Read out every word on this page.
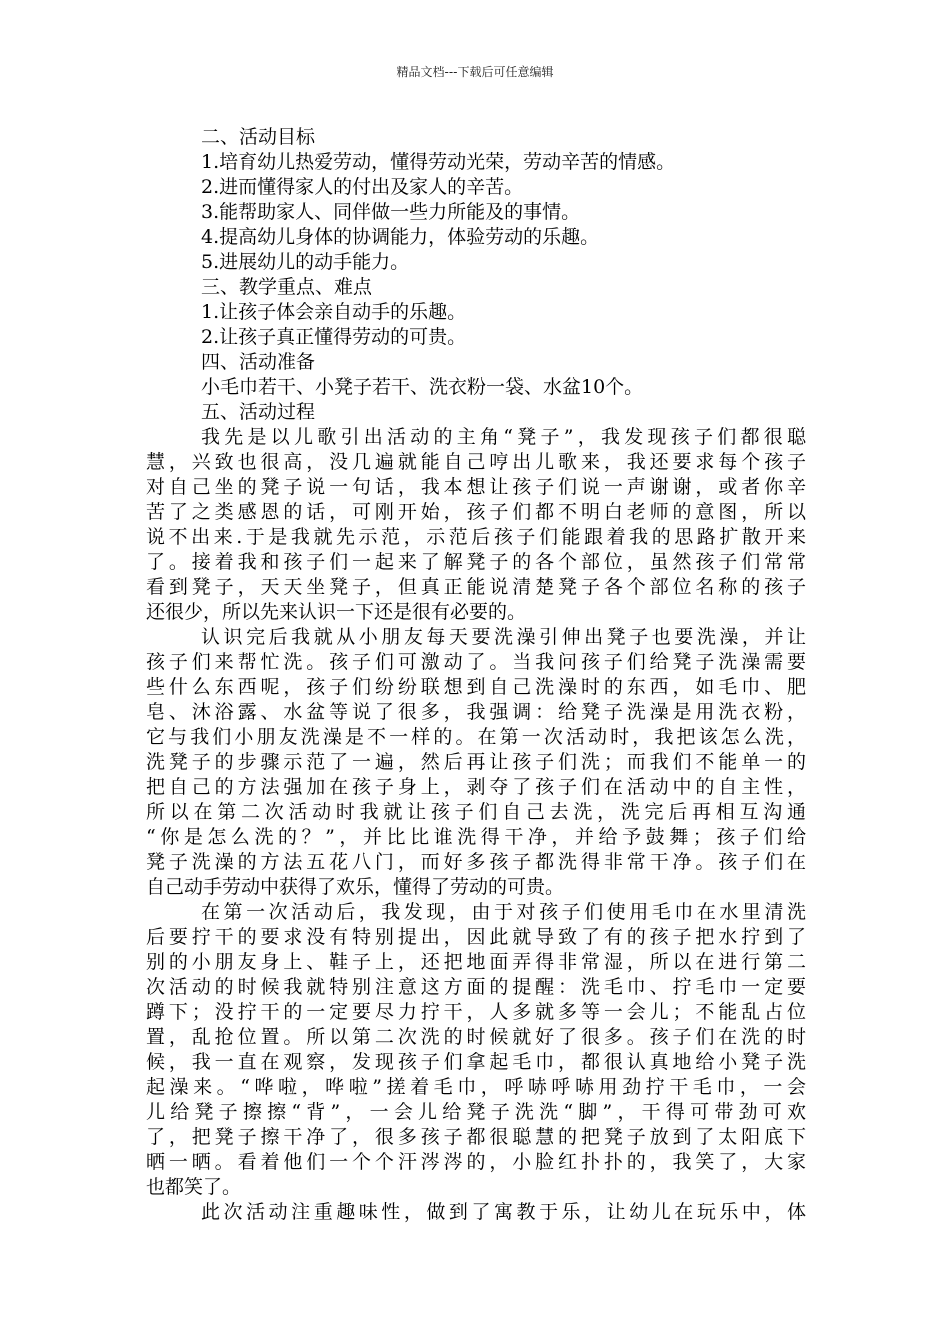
精品文档---下载后可任意编辑
二、活动目标
1.培育幼儿热爱劳动，懂得劳动光荣，劳动辛苦的情感。
2.进而懂得家人的付出及家人的辛苦。
3.能帮助家人、同伴做一些力所能及的事情。
4.提高幼儿身体的协调能力，体验劳动的乐趣。
5.进展幼儿的动手能力。
三、教学重点、难点
1.让孩子体会亲自动手的乐趣。
2.让孩子真正懂得劳动的可贵。
四、活动准备
小毛巾若干、小凳子若干、洗衣粉一袋、水盆10个。
五、活动过程
我先是以儿歌引出活动的主角“凳子”，我发现孩子们都很聪
慧，兴致也很高，没几遍就能自己哼出儿歌来，我还要求每个孩子
对自己坐的凳子说一句话，我本想让孩子们说一声谢谢，或者你辛
苦了之类感恩的话，可刚开始，孩子们都不明白老师的意图，所以
说不出来.于是我就先示范，示范后孩子们能跟着我的思路扩散开来
了。接着我和孩子们一起来了解凳子的各个部位，虽然孩子们常常
看到凳子，天天坐凳子，但真正能说清楚凳子各个部位名称的孩子
还很少，所以先来认识一下还是很有必要的。
认识完后我就从小朋友每天要洗澡引伸出凳子也要洗澡，并让
孩子们来帮忙洗。孩子们可激动了。当我问孩子们给凳子洗澡需要
些什么东西呢，孩子们纷纷联想到自己洗澡时的东西，如毛巾、肥
皂、沐浴露、水盆等说了很多，我强调：给凳子洗澡是用洗衣粉，
它与我们小朋友洗澡是不一样的。在第一次活动时，我把该怎么洗，
洗凳子的步骤示范了一遍，然后再让孩子们洗；而我们不能单一的
把自己的方法强加在孩子身上，剥夺了孩子们在活动中的自主性，
所以在第二次活动时我就让孩子们自己去洗，洗完后再相互沟通
“你是怎么洗的？”，并比比谁洗得干净，并给予鼓舞；孩子们给
凳子洗澡的方法五花八门，而好多孩子都洗得非常干净。孩子们在
自己动手劳动中获得了欢乐，懂得了劳动的可贵。
在第一次活动后，我发现，由于对孩子们使用毛巾在水里清洗
后要拧干的要求没有特别提出，因此就导致了有的孩子把水拧到了
别的小朋友身上、鞋子上，还把地面弄得非常湿，所以在进行第二
次活动的时候我就特别注意这方面的提醒：洗毛巾、拧毛巾一定要
蹲下；没拧干的一定要尽力拧干，人多就多等一会儿；不能乱占位
置，乱抢位置。所以第二次洗的时候就好了很多。孩子们在洗的时
候，我一直在观察，发现孩子们拿起毛巾，都很认真地给小凳子洗
起澡来。“哗啦，哗啦”搓着毛巾，呼哧呼哧用劲拧干毛巾，一会
儿给凳子擦擦“背”，一会儿给凳子洗洗“脚”，干得可带劲可欢
了，把凳子擦干净了，很多孩子都很聪慧的把凳子放到了太阳底下
晒一晒。看着他们一个个汗涔涔的，小脸红扑扑的，我笑了，大家
也都笑了。
此次活动注重趣味性，做到了寓教于乐，让幼儿在玩乐中，体
